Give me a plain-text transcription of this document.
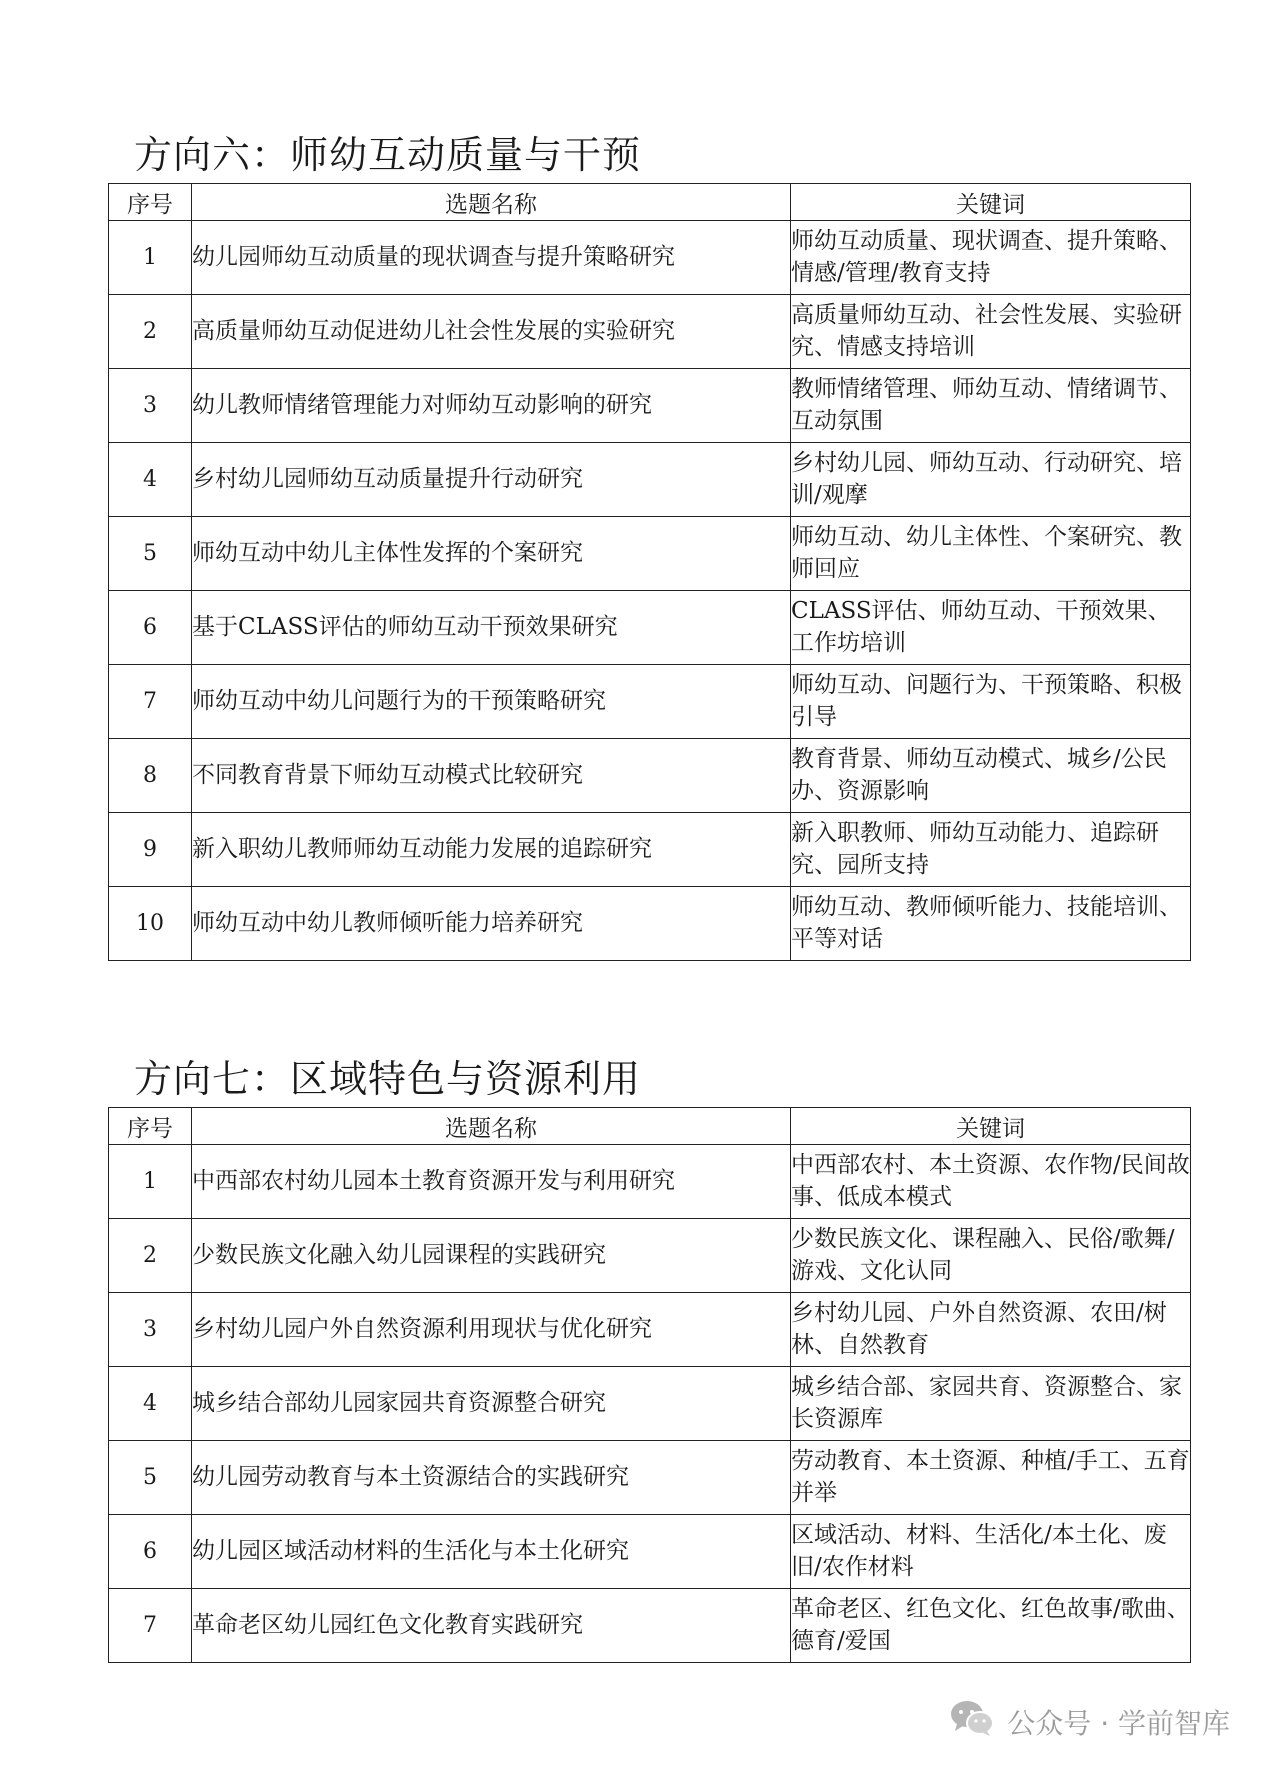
方向六：师幼互动质量与干预
序号	选题名称	关键词
1	幼儿园师幼互动质量的现状调查与提升策略研究	师幼互动质量、现状调查、提升策略、情感/管理/教育支持
2	高质量师幼互动促进幼儿社会性发展的实验研究	高质量师幼互动、社会性发展、实验研究、情感支持培训
3	幼儿教师情绪管理能力对师幼互动影响的研究	教师情绪管理、师幼互动、情绪调节、互动氛围
4	乡村幼儿园师幼互动质量提升行动研究	乡村幼儿园、师幼互动、行动研究、培训/观摩
5	师幼互动中幼儿主体性发挥的个案研究	师幼互动、幼儿主体性、个案研究、教师回应
6	基于CLASS评估的师幼互动干预效果研究	CLASS评估、师幼互动、干预效果、工作坊培训
7	师幼互动中幼儿问题行为的干预策略研究	师幼互动、问题行为、干预策略、积极引导
8	不同教育背景下师幼互动模式比较研究	教育背景、师幼互动模式、城乡/公民办、资源影响
9	新入职幼儿教师师幼互动能力发展的追踪研究	新入职教师、师幼互动能力、追踪研究、园所支持
10	师幼互动中幼儿教师倾听能力培养研究	师幼互动、教师倾听能力、技能培训、平等对话
方向七：区域特色与资源利用
序号	选题名称	关键词
1	中西部农村幼儿园本土教育资源开发与利用研究	中西部农村、本土资源、农作物/民间故事、低成本模式
2	少数民族文化融入幼儿园课程的实践研究	少数民族文化、课程融入、民俗/歌舞/游戏、文化认同
3	乡村幼儿园户外自然资源利用现状与优化研究	乡村幼儿园、户外自然资源、农田/树林、自然教育
4	城乡结合部幼儿园家园共育资源整合研究	城乡结合部、家园共育、资源整合、家长资源库
5	幼儿园劳动教育与本土资源结合的实践研究	劳动教育、本土资源、种植/手工、五育并举
6	幼儿园区域活动材料的生活化与本土化研究	区域活动、材料、生活化/本土化、废旧/农作材料
7	革命老区幼儿园红色文化教育实践研究	革命老区、红色文化、红色故事/歌曲、德育/爱国
公众号 · 学前智库
